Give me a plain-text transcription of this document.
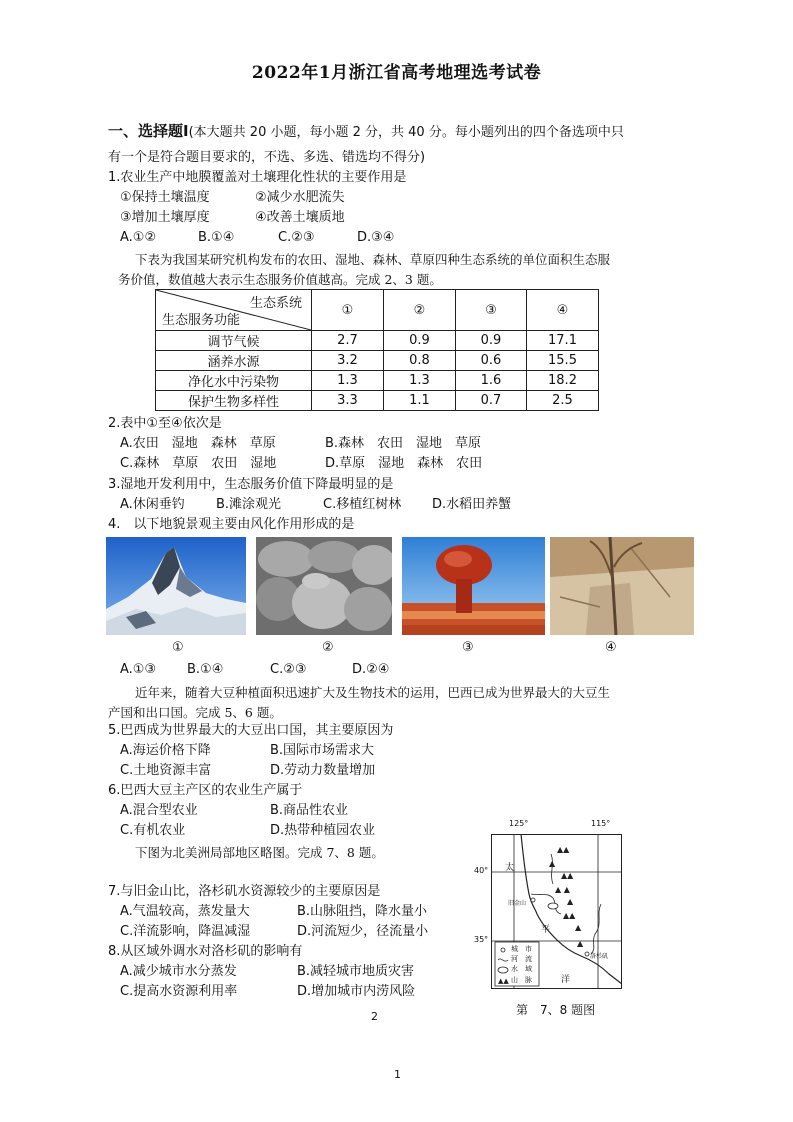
2022年1月浙江省高考地理选考试卷
一、选择题Ⅰ(本大题共 20 小题，每小题 2 分，共 40 分。每小题列出的四个备选项中只
有一个是符合题目要求的，不选、多选、错选均不得分)
1.农业生产中地膜覆盖对土壤理化性状的主要作用是
①保持土壤温度	②减少水肥流失
③增加土壤厚度	④改善土壤质地
A.①②	B.①④	C.②③	D.③④
下表为我国某研究机构发布的农田、湿地、森林、草原四种生态系统的单位面积生态服
务价值，数值越大表示生态服务价值越高。完成 2、3 题。
生态系统
生态服务功能	①	②	③	④
调节气候	2.7	0.9	0.9	17.1
涵养水源	3.2	0.8	0.6	15.5
净化水中污染物	1.3	1.3	1.6	18.2
保护生物多样性	3.3	1.1	0.7	2.5
2.表中①至④依次是
A.农田　湿地　森林　草原	B.森林　农田　湿地　草原
C.森林　草原　农田　湿地	D.草原　湿地　森林　农田
3.湿地开发利用中，生态服务价值下降最明显的是
A.休闲垂钓 B.滩涂观光	C.移植红树林 D.水稻田养蟹
4.　以下地貌景观主要由风化作用形成的是
①	②	③	④
A.①③ B.①④	C.②③	D.②④
近年来，随着大豆种植面积迅速扩大及生物技术的运用，巴西已成为世界最大的大豆生
产国和出口国。完成 5、6 题。
5.巴西成为世界最大的大豆出口国，其主要原因为
A.海运价格下降	B.国际市场需求大
C.土地资源丰富	D.劳动力数量增加
6.巴西大豆主产区的农业生产属于
A.混合型农业	B.商品性农业
C.有机农业	D.热带种植园农业
下图为北美洲局部地区略图。完成 7、8 题。
7.与旧金山比，洛杉矶水资源较少的主要原因是
A.气温较高，蒸发量大	B.山脉阻挡，降水量小
C.洋流影响，降温减湿	D.河流短少，径流量小
8.从区域外调水对洛杉矶的影响有
A.减少城市水分蒸发	B.减轻城市地质灾害
C.提高水资源利用率	D.增加城市内涝风险
125°	115°
40°
35°
▲▲
▲
▲▲
▲ ▲
▲
▲▲
▲
▲
▲▲
太
平
洋
旧金山
洛杉矶
城　市
河　流
水　域
山　脉
第　7、8 题图
2
1
